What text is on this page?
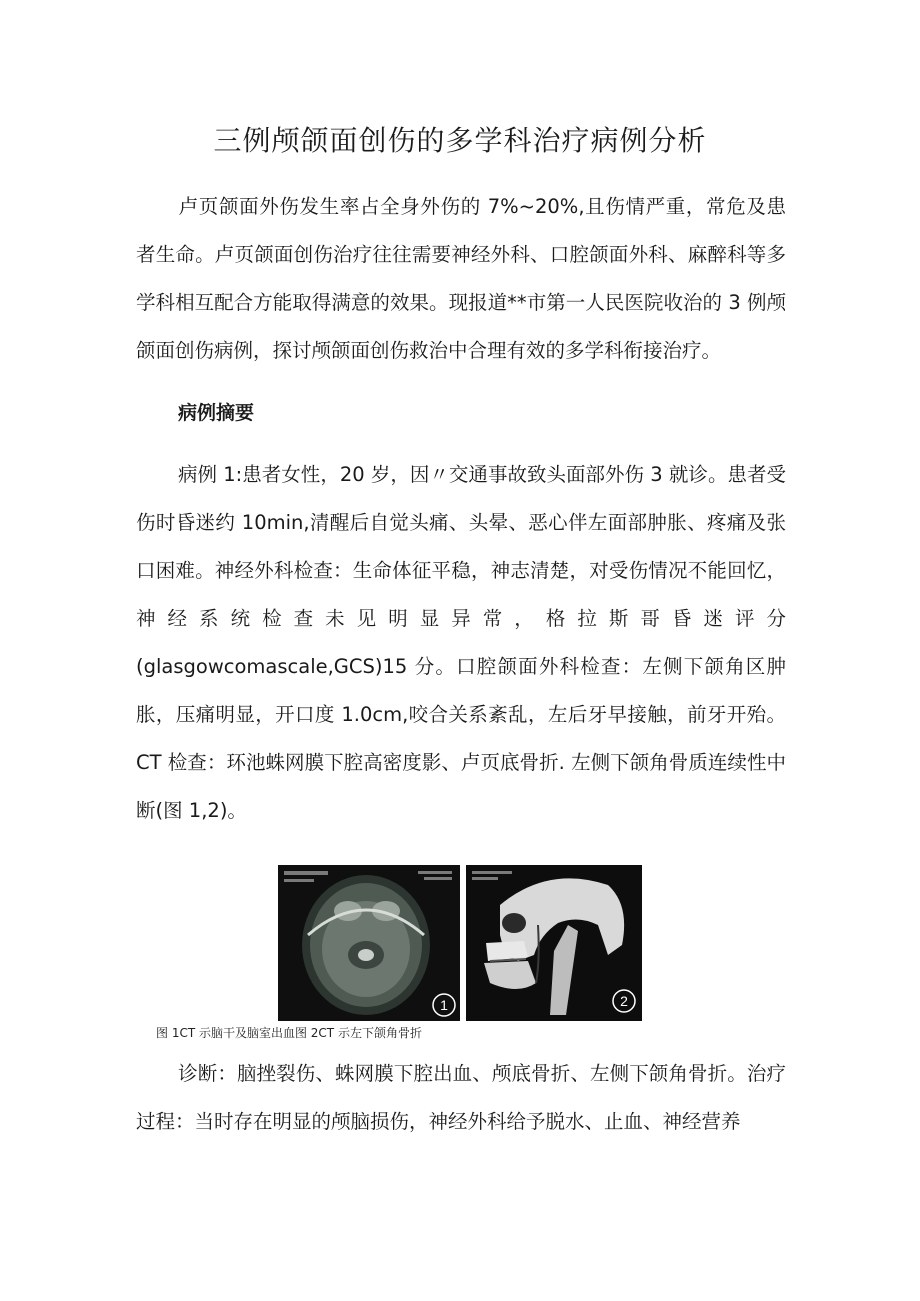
三例颅颌面创伤的多学科治疗病例分析

卢页颌面外伤发生率占全身外伤的 7%~20%,且伤情严重，常危及患者生命。卢页颌面创伤治疗往往需要神经外科、口腔颌面外科、麻醉科等多学科相互配合方能取得满意的效果。现报道**市第一人民医院收治的 3 例颅颌面创伤病例，探讨颅颌面创伤救治中合理有效的多学科衔接治疗。

病例摘要

病例 1:患者女性，20 岁，因〃交通事故致头面部外伤 3 就诊。患者受伤时昏迷约 10min,清醒后自觉头痛、头晕、恶心伴左面部肿胀、疼痛及张口困难。神经外科检查：生命体征平稳，神志清楚，对受伤情况不能回忆，神经系统检查未见明显异常，格拉斯哥昏迷评分(glasgowcomascale,GCS)15 分。口腔颌面外科检查：左侧下颌角区肿胀，压痛明显，开口度 1.0cm,咬合关系紊乱，左后牙早接触，前牙开殆。CT 检查：环池蛛网膜下腔高密度影、卢页底骨折. 左侧下颌角骨质连续性中断(图 1,2)。

1	2
图 1CT 示脑干及脑室出血图 2CT 示左下颌角骨折

诊断：脑挫裂伤、蛛网膜下腔出血、颅底骨折、左侧下颌角骨折。治疗过程：当时存在明显的颅脑损伤，神经外科给予脱水、止血、神经营养
